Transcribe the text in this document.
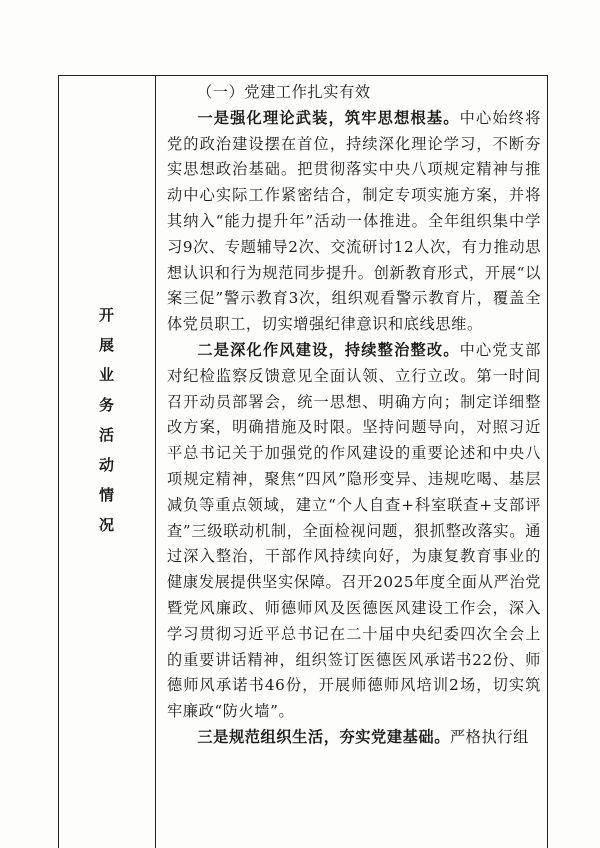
开
展
业
务
活
动
情
况
（一）党建工作扎实有效

一是强化理论武装，筑牢思想根基。中心始终将党的政治建设摆在首位，持续深化理论学习，不断夯实思想政治基础。把贯彻落实中央八项规定精神与推动中心实际工作紧密结合，制定专项实施方案，并将其纳入“能力提升年”活动一体推进。全年组织集中学习9次、专题辅导2次、交流研讨12人次，有力推动思想认识和行为规范同步提升。创新教育形式，开展“以案三促”警示教育3次，组织观看警示教育片，覆盖全体党员职工，切实增强纪律意识和底线思维。

二是深化作风建设，持续整治整改。中心党支部对纪检监察反馈意见全面认领、立行立改。第一时间召开动员部署会，统一思想、明确方向；制定详细整改方案，明确措施及时限。坚持问题导向，对照习近平总书记关于加强党的作风建设的重要论述和中央八项规定精神，聚焦“四风”隐形变异、违规吃喝、基层减负等重点领域，建立“个人自查+科室联查+支部评查”三级联动机制，全面检视问题，狠抓整改落实。通过深入整治，干部作风持续向好，为康复教育事业的健康发展提供坚实保障。召开2025年度全面从严治党暨党风廉政、师德师风及医德医风建设工作会，深入学习贯彻习近平总书记在二十届中央纪委四次全会上的重要讲话精神，组织签订医德医风承诺书22份、师德师风承诺书46份，开展师德师风培训2场，切实筑牢廉政“防火墙”。

三是规范组织生活，夯实党建基础。严格执行组
